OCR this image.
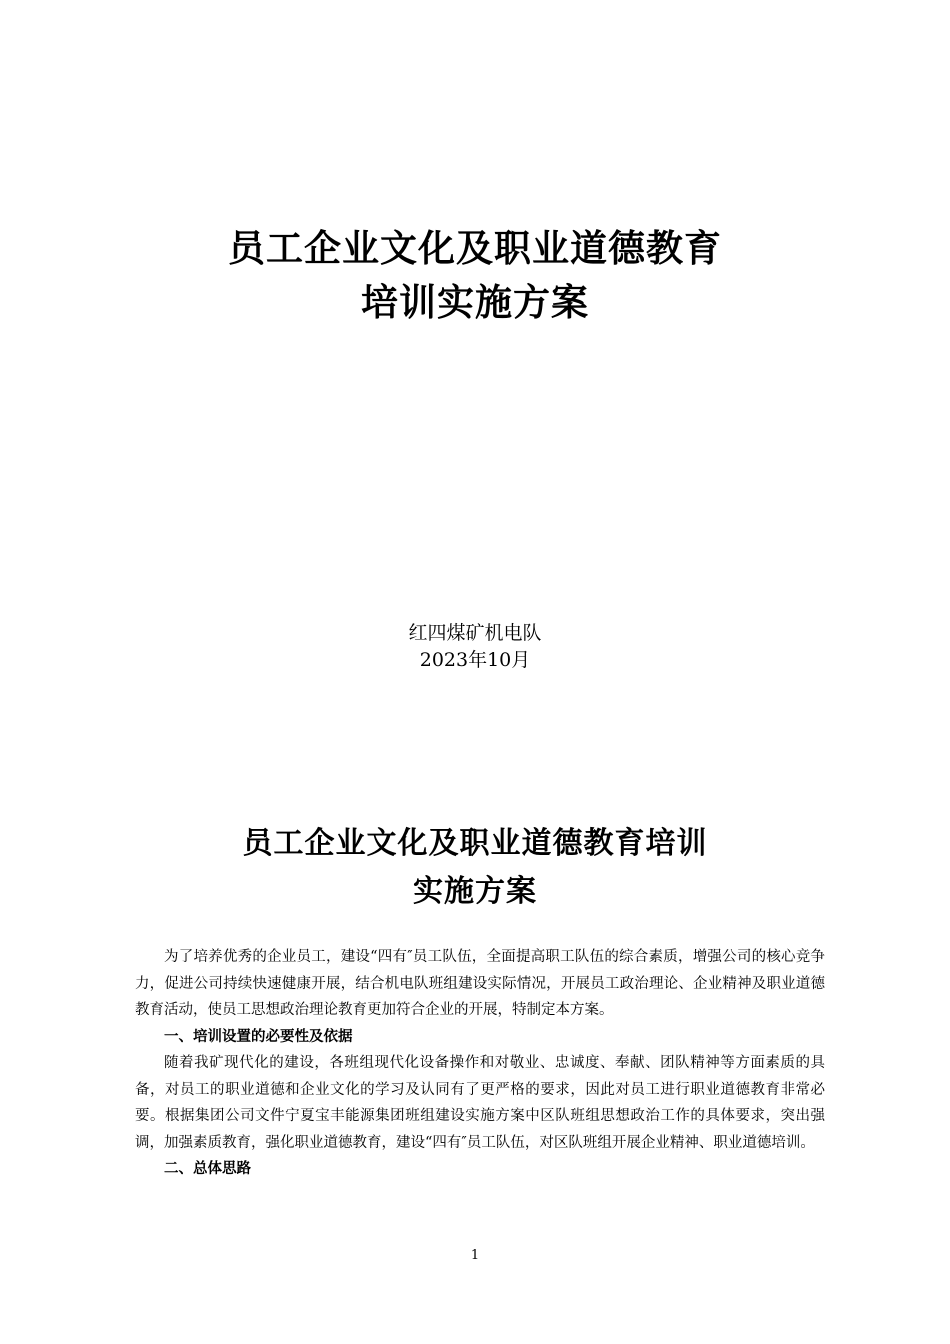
员工企业文化及职业道德教育
培训实施方案
红四煤矿机电队
2023年10月
员工企业文化及职业道德教育培训
实施方案

为了培养优秀的企业员工，建设“四有″员工队伍，全面提高职工队伍的综合素质，增强公司的核心竞争力，促进公司持续快速健康开展，结合机电队班组建设实际情况，开展员工政治理论、企业精神及职业道德教育活动，使员工思想政治理论教育更加符合企业的开展，特制定本方案。

一、培训设置的必要性及依据

随着我矿现代化的建设，各班组现代化设备操作和对敬业、忠诚度、奉献、团队精神等方面素质的具备，对员工的职业道德和企业文化的学习及认同有了更严格的要求，因此对员工进行职业道德教育非常必要。根据集团公司文件宁夏宝丰能源集团班组建设实施方案中区队班组思想政治工作的具体要求，突出强调，加强素质教育，强化职业道德教育，建设“四有″员工队伍，对区队班组开展企业精神、职业道德培训。

二、总体思路
1
